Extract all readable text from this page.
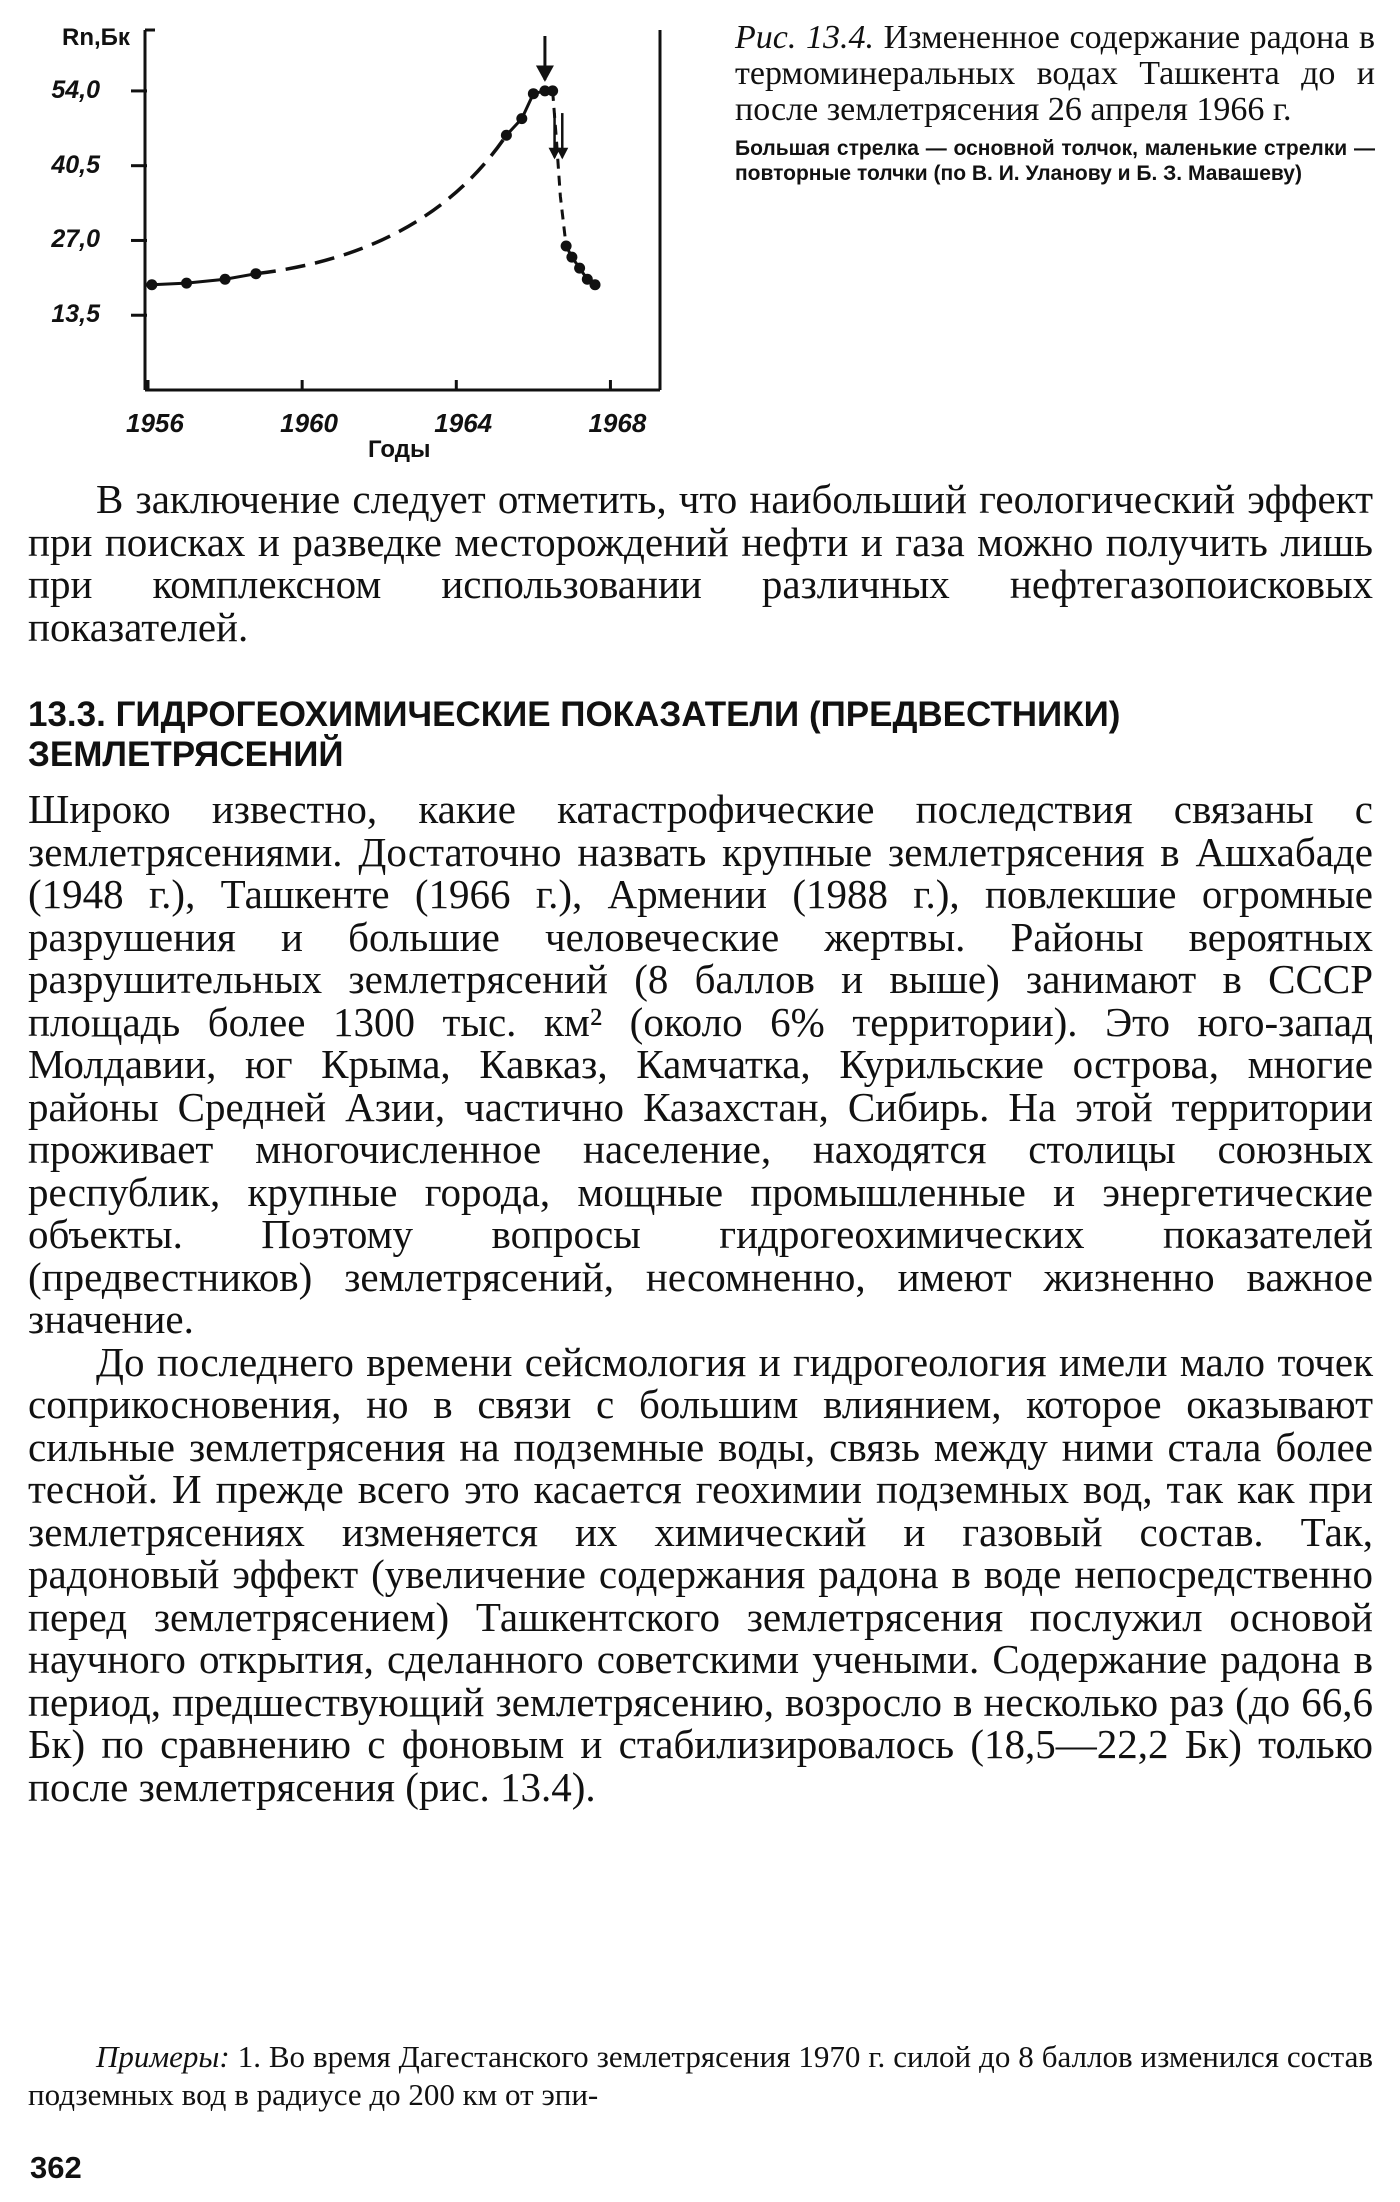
Rn,Бк
13,5
27,0
40,5
54,0
1956	1960	1964	1968
Годы
Рис. 13.4. Измененное содержание радона в термоминеральных водах Ташкента до и после землетрясения 26 апреля 1966 г.
Большая стрелка — основной толчок, маленькие стрелки — повторные толчки (по В. И. Уланову и Б. З. Мавашеву)

В заключение следует отметить, что наибольший геологический эффект при поисках и разведке месторождений нефти и газа можно получить лишь при комплексном использовании различных нефтегазопоисковых показателей.

13.3. ГИДРОГЕОХИМИЧЕСКИЕ ПОКАЗАТЕЛИ (ПРЕДВЕСТНИКИ) ЗЕМЛЕТРЯСЕНИЙ

Широко известно, какие катастрофические последствия связаны с землетрясениями. Достаточно назвать крупные землетрясения в Ашхабаде (1948 г.), Ташкенте (1966 г.), Армении (1988 г.), повлекшие огромные разрушения и большие человеческие жертвы. Районы вероятных разрушительных землетрясений (8 баллов и выше) занимают в СССР площадь более 1300 тыс. км² (около 6% территории). Это юго-запад Молдавии, юг Крыма, Кавказ, Камчатка, Курильские острова, многие районы Средней Азии, частично Казахстан, Сибирь. На этой территории проживает многочисленное население, находятся столицы союзных республик, крупные города, мощные промышленные и энергетические объекты. Поэтому вопросы гидрогеохимических показателей (предвестников) землетрясений, несомненно, имеют жизненно важное значение.

До последнего времени сейсмология и гидрогеология имели мало точек соприкосновения, но в связи с большим влиянием, которое оказывают сильные землетрясения на подземные воды, связь между ними стала более тесной. И прежде всего это касается геохимии подземных вод, так как при землетрясениях изменяется их химический и газовый состав. Так, радоновый эффект (увеличение содержания радона в воде непосредственно перед землетрясением) Ташкентского землетрясения послужил основой научного открытия, сделанного советскими учеными. Содержание радона в период, предшествующий землетрясению, возросло в несколько раз (до 66,6 Бк) по сравнению с фоновым и стабилизировалось (18,5—22,2 Бк) только после землетрясения (рис. 13.4).

Примеры: 1. Во время Дагестанского землетрясения 1970 г. силой до 8 баллов изменился состав подземных вод в радиусе до 200 км от эпи-

362
